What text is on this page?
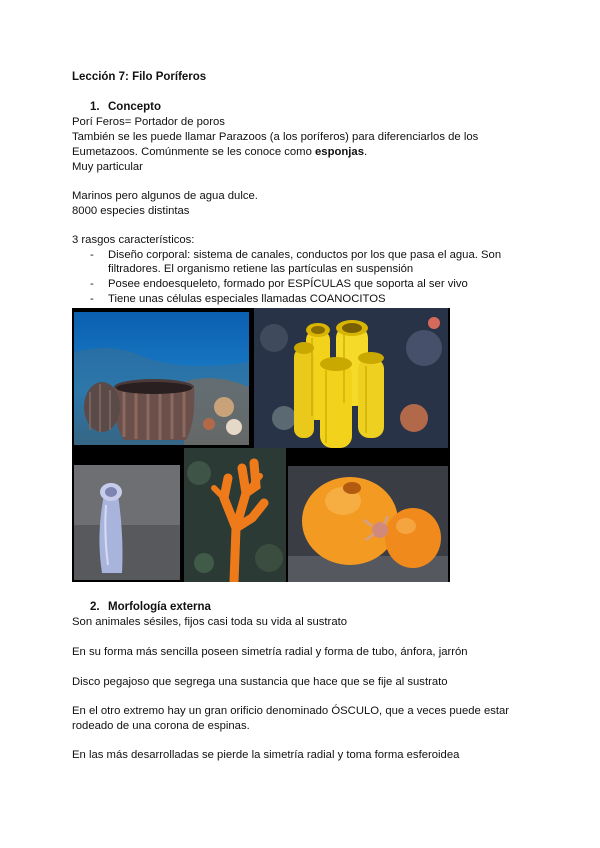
Lección 7: Filo Poríferos
1. Concepto
Porí Feros= Portador de poros
También se les puede llamar Parazoos (a los poríferos) para diferenciarlos de los
Eumetazoos. Comúnmente se les conoce como esponjas.
Muy particular
Marinos pero algunos de agua dulce.
8000 especies distintas
3 rasgos característicos:
- Diseño corporal: sistema de canales, conductos por los que pasa el agua. Son
filtradores. El organismo retiene las partículas en suspensión
- Posee endoesqueleto, formado por ESPÍCULAS que soporta al ser vivo
- Tiene unas células especiales llamadas COANOCITOS
2. Morfología externa
Son animales sésiles, fijos casi toda su vida al sustrato
En su forma más sencilla poseen simetría radial y forma de tubo, ánfora, jarrón
Disco pegajoso que segrega una sustancia que hace que se fije al sustrato
En el otro extremo hay un gran orificio denominado ÓSCULO, que a veces puede estar
rodeado de una corona de espinas.
En las más desarrolladas se pierde la simetría radial y toma forma esferoidea
